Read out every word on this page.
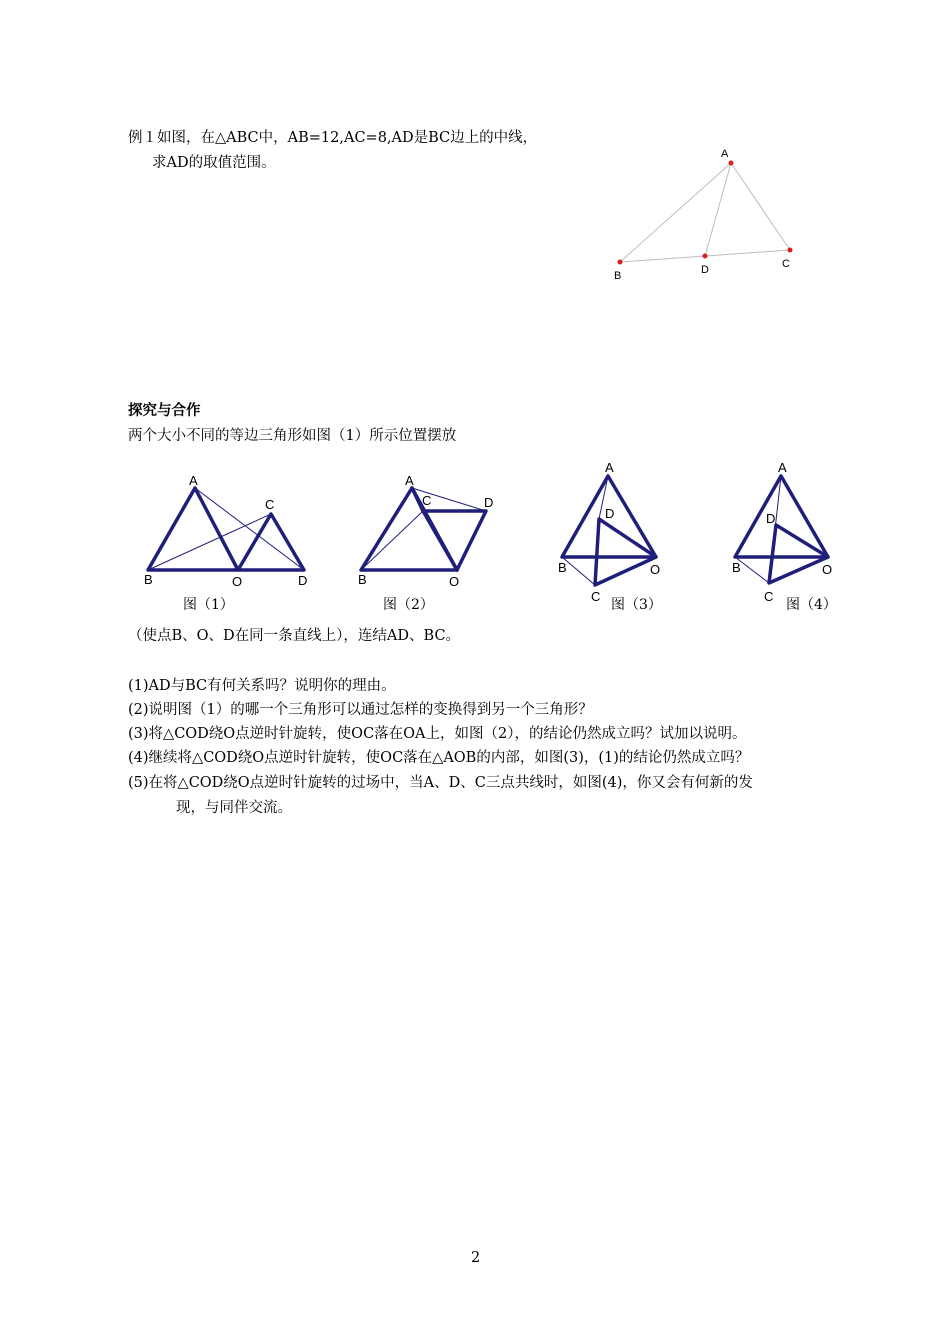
例１如图，在△ABC中，AB=12,AC=8,AD是BC边上的中线，
求AD的取值范围。
A
B	D	C
探究与合作
两个大小不同的等边三角形如图（1）所示位置摆放
A
C
B	O	D
图（1）
A
C	D
B	O
图（2）
A
D
B	O
C
图（3）
A
D
B	O
C
图（4）
（使点B、O、D在同一条直线上），连结AD、BC。
(1)AD与BC有何关系吗？说明你的理由。
(2)说明图（1）的哪一个三角形可以通过怎样的变换得到另一个三角形？
(3)将△COD绕O点逆时针旋转，使OC落在OA上，如图（2），的结论仍然成立吗？试加以说明。
(4)继续将△COD绕O点逆时针旋转，使OC落在△AOB的内部，如图(3)，(1)的结论仍然成立吗？
(5)在将△COD绕O点逆时针旋转的过场中，当A、D、C三点共线时，如图(4)，你又会有何新的发
现，与同伴交流。
2
